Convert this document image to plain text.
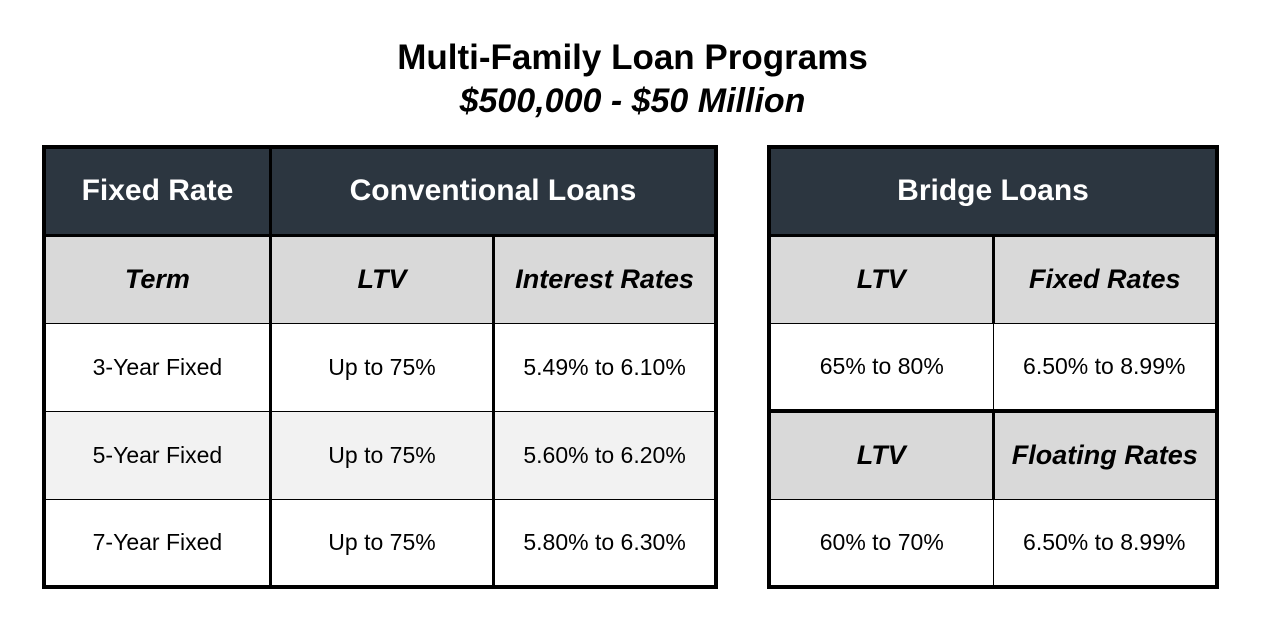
Multi-Family Loan Programs
$500,000 - $50 Million
Fixed Rate	Conventional Loans	
Term	LTV	Interest Rates
3-Year Fixed	Up to 75%	5.49% to 6.10%
5-Year Fixed	Up to 75%	5.60% to 6.20%
7-Year Fixed	Up to 75%	5.80% to 6.30%
Bridge Loans	
LTV	Fixed Rates
65% to 80%	6.50% to 8.99%
LTV	Floating Rates
60% to 70%	6.50% to 8.99%
